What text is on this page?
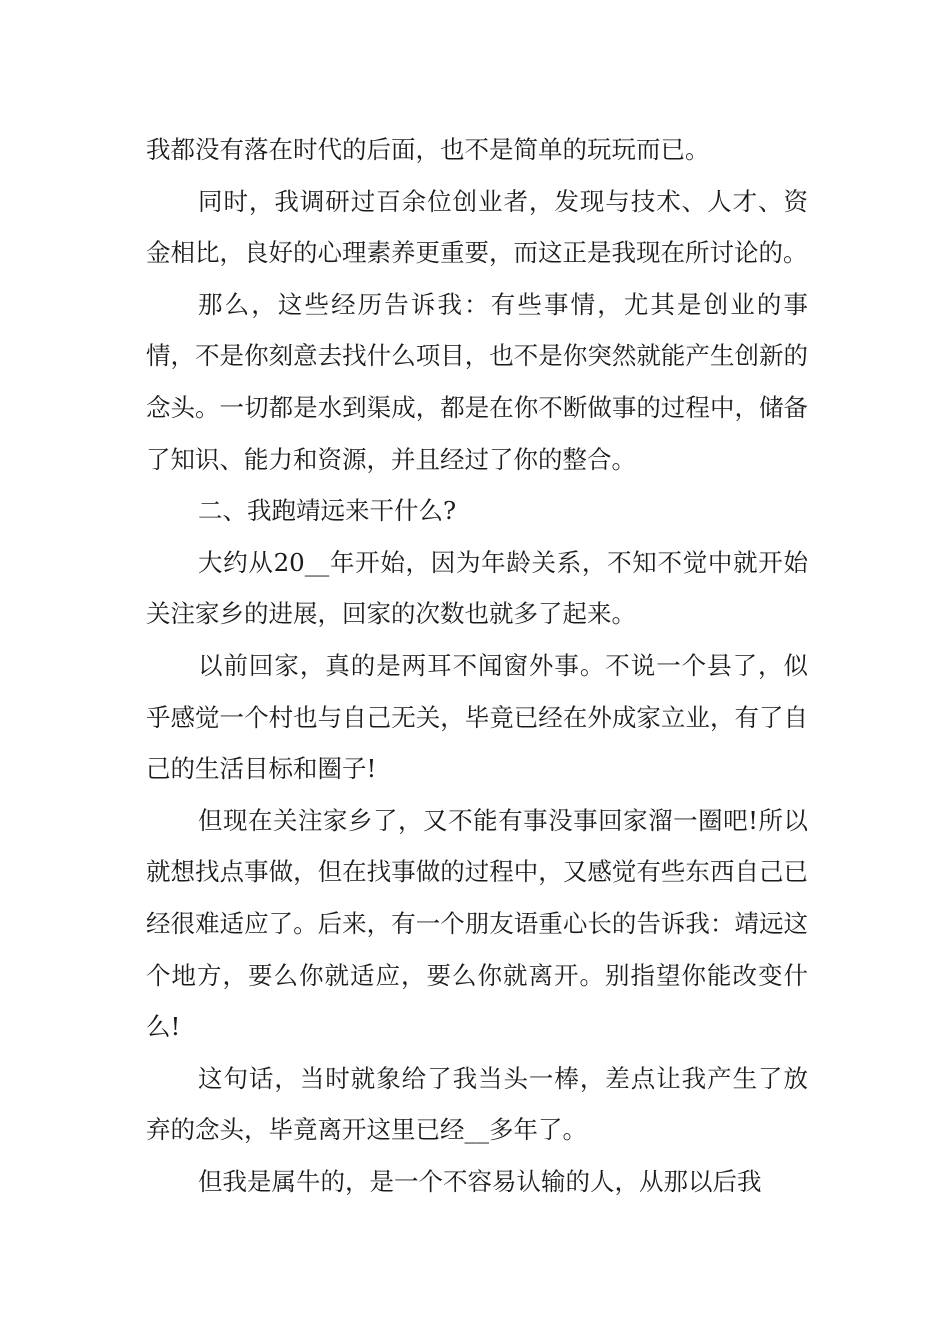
我都没有落在时代的后面，也不是简单的玩玩而已。

同时，我调研过百余位创业者，发现与技术、人才、资金相比，良好的心理素养更重要，而这正是我现在所讨论的。

那么，这些经历告诉我：有些事情，尤其是创业的事情，不是你刻意去找什么项目，也不是你突然就能产生创新的念头。一切都是水到渠成，都是在你不断做事的过程中，储备了知识、能力和资源，并且经过了你的整合。

二、我跑靖远来干什么?

大约从20__年开始，因为年龄关系，不知不觉中就开始关注家乡的进展，回家的次数也就多了起来。

以前回家，真的是两耳不闻窗外事。不说一个县了，似乎感觉一个村也与自己无关，毕竟已经在外成家立业，有了自己的生活目标和圈子!

但现在关注家乡了，又不能有事没事回家溜一圈吧!所以就想找点事做，但在找事做的过程中，又感觉有些东西自己已经很难适应了。后来，有一个朋友语重心长的告诉我：靖远这个地方，要么你就适应，要么你就离开。别指望你能改变什么!

这句话，当时就象给了我当头一棒，差点让我产生了放弃的念头，毕竟离开这里已经__多年了。

但我是属牛的，是一个不容易认输的人，从那以后我
